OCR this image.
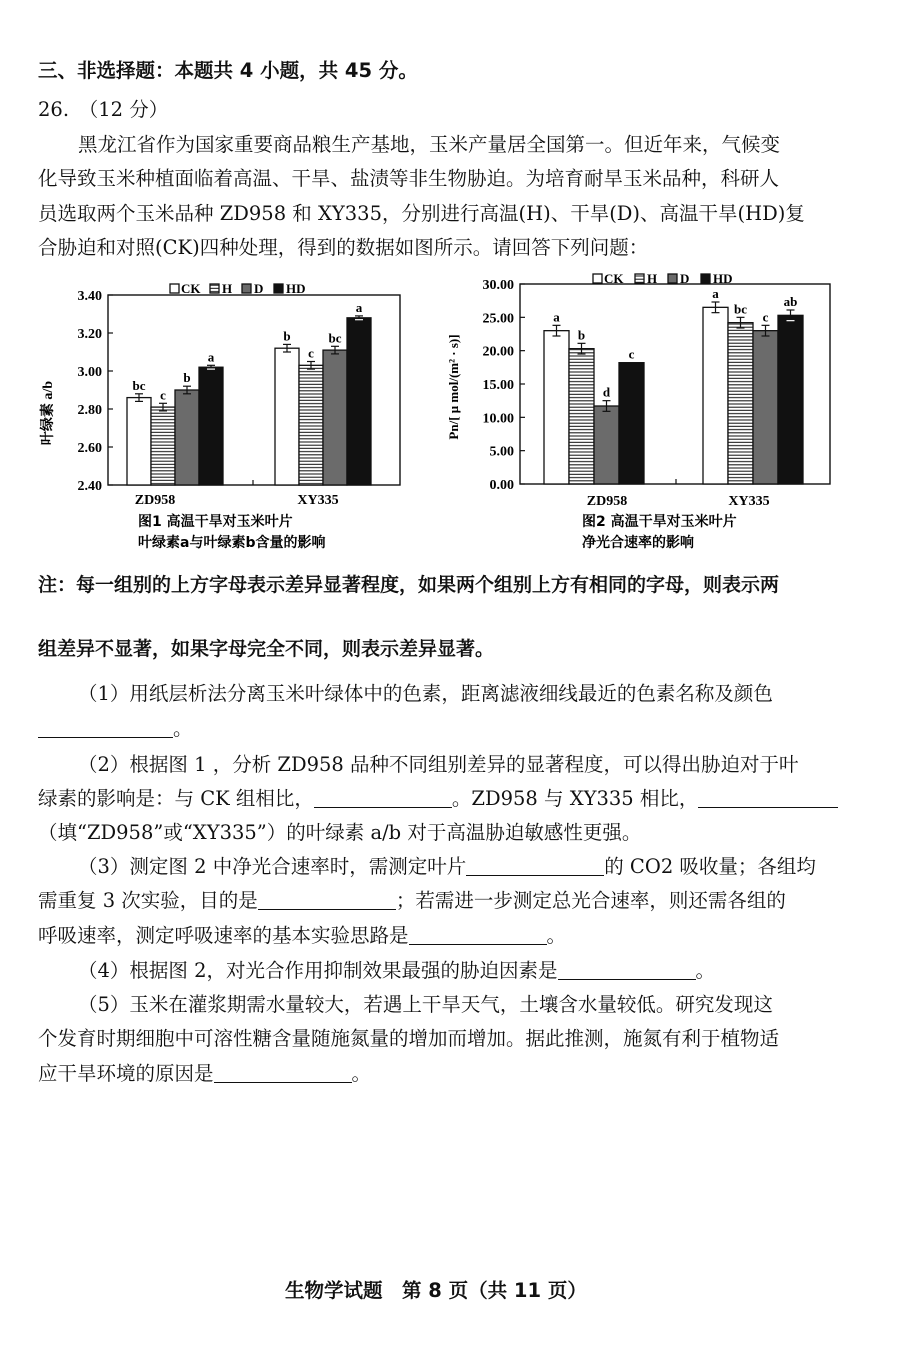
三、非选择题：本题共 4 小题，共 45 分。
26.　（12 分）
黑龙江省作为国家重要商品粮生产基地，玉米产量居全国第一。但近年来，气候变
化导致玉米种植面临着高温、干旱、盐渍等非生物胁迫。为培育耐旱玉米品种，科研人
员选取两个玉米品种 ZD958 和 XY335，分别进行高温(H)、干旱(D)、高温干旱(HD)复
合胁迫和对照(CK)四种处理，得到的数据如图所示。请回答下列问题：
CK H D HD
叶绿素 a/b
2.40
2.60
2.80
3.00
3.20
3.40
bc
c
b
a
b
c
bc
a
ZD958	XY335
图1 高温干旱对玉米叶片
叶绿素a与叶绿素b含量的影响
CK H D HD
Pn/[ μ mol/(m² · s)]
0.00
5.00
10.00
15.00
20.00
25.00
30.00
a
b
d
c
a
bc
c
ab
ZD958	XY335
图2 高温干旱对玉米叶片
净光合速率的影响
注：每一组别的上方字母表示差异显著程度，如果两个组别上方有相同的字母，则表示两
组差异不显著，如果字母完全不同，则表示差异显著。
（1）用纸层析法分离玉米叶绿体中的色素，距离滤液细线最近的色素名称及颜色
。
（2）根据图 1 ，分析 ZD958 品种不同组别差异的显著程度，可以得出胁迫对于叶
绿素的影响是：与 CK 组相比，	。ZD958 与 XY335 相比，
（填“ZD958”或“XY335”）的叶绿素 a/b 对于高温胁迫敏感性更强。
（3）测定图 2 中净光合速率时，需测定叶片	的 CO2 吸收量；各组均
需重复 3 次实验，目的是	；若需进一步测定总光合速率，则还需各组的
呼吸速率，测定呼吸速率的基本实验思路是	。
（4）根据图 2，对光合作用抑制效果最强的胁迫因素是	。
（5）玉米在灌浆期需水量较大，若遇上干旱天气，土壤含水量较低。研究发现这
个发育时期细胞中可溶性糖含量随施氮量的增加而增加。据此推测，施氮有利于植物适
应干旱环境的原因是	。
生物学试题　第 8 页（共 11 页）
